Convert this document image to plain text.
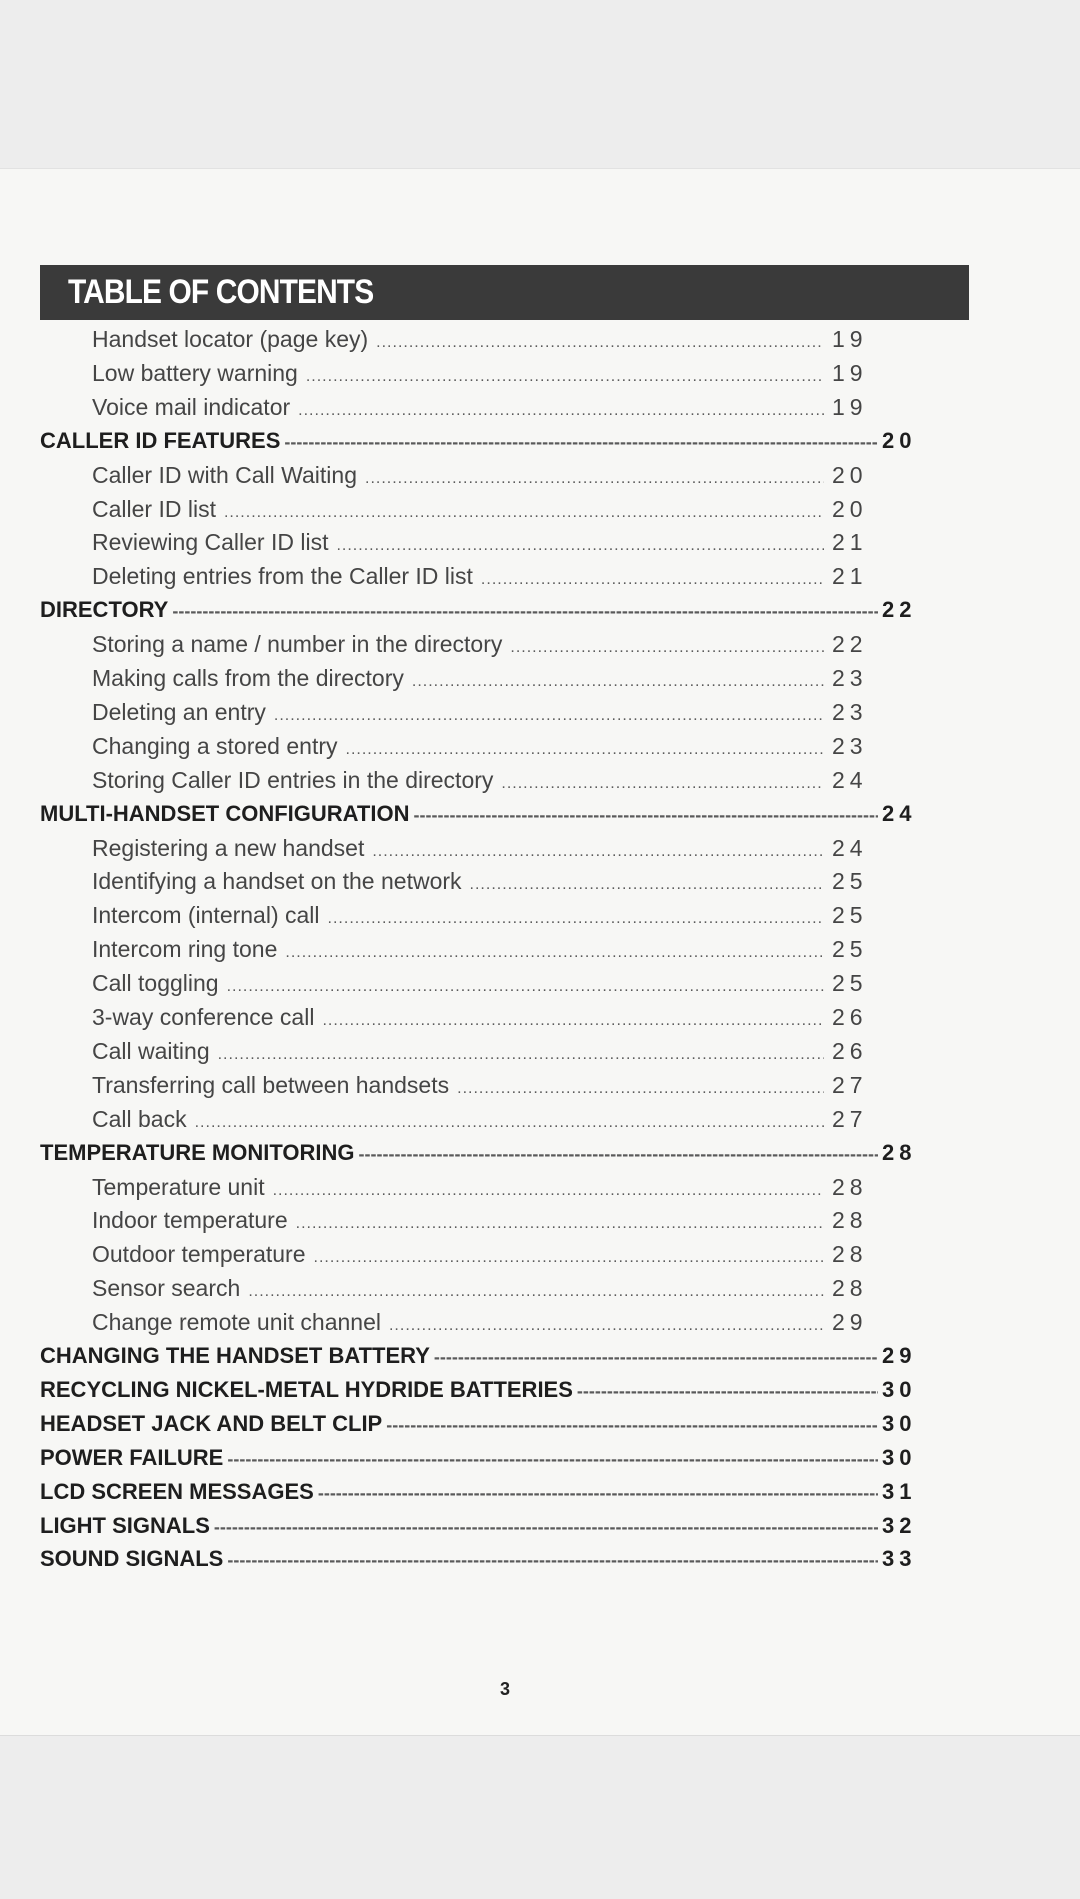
TABLE OF CONTENTS
Handset locator (page key) .....	19
Low battery warning .....	19
Voice mail indicator .....	19
CALLER ID FEATURES -----	20
Caller ID with Call Waiting .....	20
Caller ID list .....	20
Reviewing Caller ID list .....	21
Deleting entries from the Caller ID list .....	21
DIRECTORY -----	22
Storing a name / number in the directory .....	22
Making calls from the directory .....	23
Deleting an entry .....	23
Changing a stored entry .....	23
Storing Caller ID entries in the directory .....	24
MULTI-HANDSET CONFIGURATION -----	24
Registering a new handset .....	24
Identifying a handset on the network .....	25
Intercom (internal) call .....	25
Intercom ring tone .....	25
Call toggling .....	25
3-way conference call .....	26
Call waiting .....	26
Transferring call between handsets .....	27
Call back .....	27
TEMPERATURE MONITORING -----	28
Temperature unit .....	28
Indoor temperature .....	28
Outdoor temperature .....	28
Sensor search .....	28
Change remote unit channel .....	29
CHANGING THE HANDSET BATTERY -----	29
RECYCLING NICKEL-METAL HYDRIDE BATTERIES -----	30
HEADSET JACK AND BELT CLIP -----	30
POWER FAILURE -----	30
LCD SCREEN MESSAGES -----	31
LIGHT SIGNALS -----	32
SOUND SIGNALS -----	33
3
